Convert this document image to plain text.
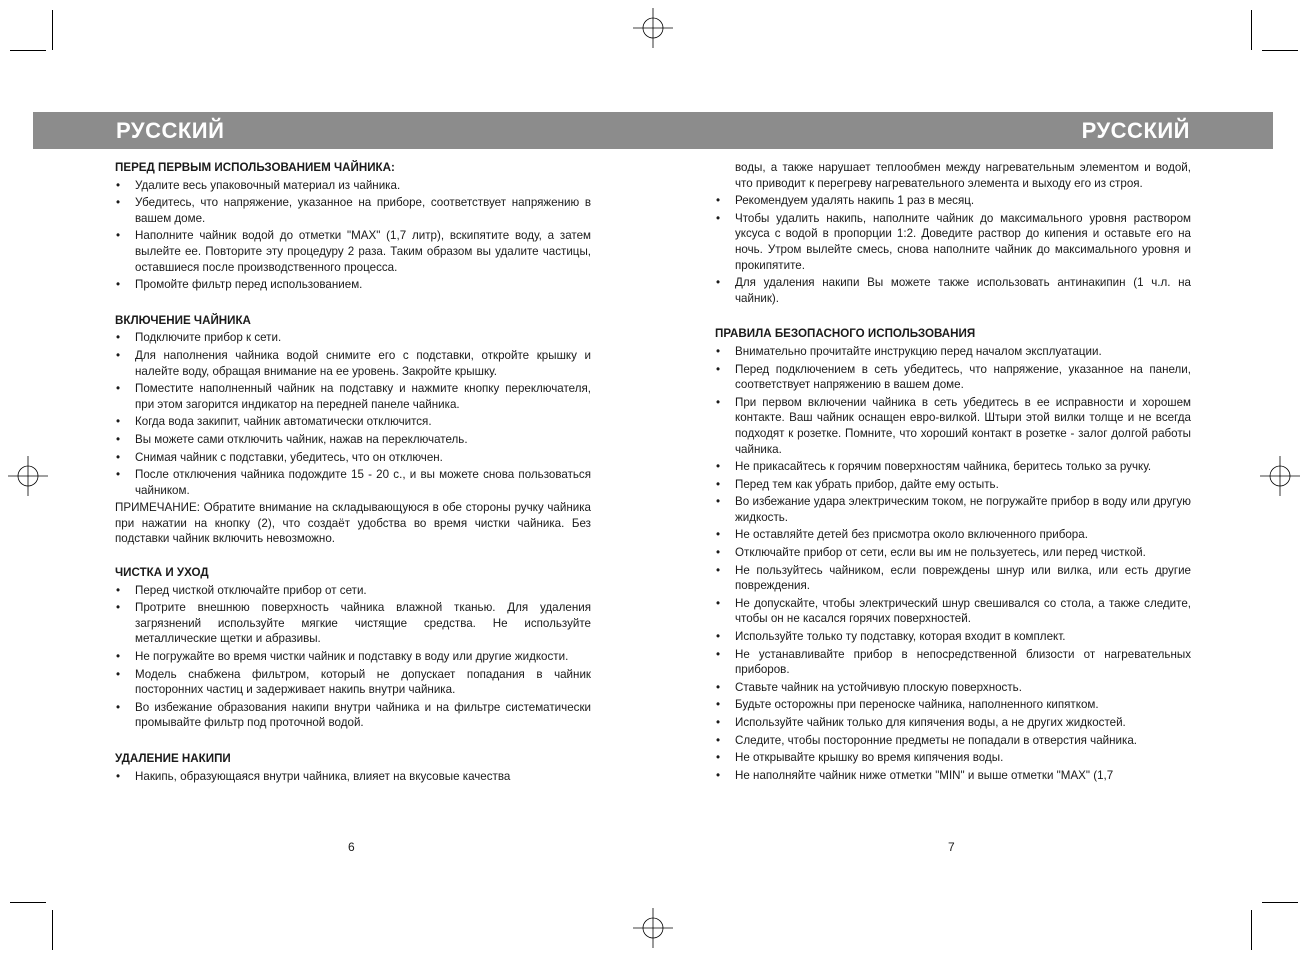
РУССКИЙ	РУССКИЙ
ПЕРЕД ПЕРВЫМ ИСПОЛЬЗОВАНИЕМ ЧАЙНИКА:
• Удалите весь упаковочный материал из чайника.
• Убедитесь, что напряжение, указанное на приборе, соответствует напряжению в вашем доме.
• Наполните чайник водой до отметки "МАХ" (1,7 литр), вскипятите воду, а затем вылейте ее. Повторите эту процедуру 2 раза. Таким образом вы удалите частицы, оставшиеся после производственного процесса.
• Промойте фильтр перед использованием.
ВКЛЮЧЕНИЕ ЧАЙНИКА
• Подключите прибор к сети.
• Для наполнения чайника водой снимите его с подставки, откройте крышку и налейте воду, обращая внимание на ее уровень. Закройте крышку.
• Поместите наполненный чайник на подставку и нажмите кнопку переключателя, при этом загорится индикатор на передней панеле чайника.
• Когда вода закипит, чайник автоматически отключится.
• Вы можете сами отключить чайник, нажав на переключатель.
• Снимая чайник с подставки, убедитесь, что он отключен.
• После отключения чайника подождите 15 - 20 с., и вы можете снова пользоваться чайником.

ПРИМЕЧАНИЕ: Обратите внимание на складывающуюся в обе стороны ручку чайника при нажатии на кнопку (2), что создаёт удобства во время чистки чайника. Без подставки чайник включить невозможно.

ЧИСТКА И УХОД
• Перед чисткой отключайте прибор от сети.
• Протрите внешнюю поверхность чайника влажной тканью. Для удаления загрязнений используйте мягкие чистящие средства. Не используйте металлические щетки и абразивы.
• Не погружайте во время чистки чайник и подставку в воду или другие жидкости.
• Модель снабжена фильтром, который не допускает попадания в чайник посторонних частиц и задерживает накипь внутри чайника.
• Во избежание образования накипи внутри чайника и на фильтре систематически промывайте фильтр под проточной водой.
УДАЛЕНИЕ НАКИПИ
• Накипь, образующаяся внутри чайника, влияет на вкусовые качества
6
воды, а также нарушает теплообмен между нагревательным элементом и водой, что приводит к перегреву нагревательного элемента и выходу его из строя.
• Рекомендуем удалять накипь 1 раз в месяц.
• Чтобы удалить накипь, наполните чайник до максимального уровня раствором уксуса с водой в пропорции 1:2. Доведите раствор до кипения и оставьте его на ночь. Утром вылейте смесь, снова наполните чайник до максимального уровня и прокипятите.
• Для удаления накипи Вы можете также использовать антинакипин (1 ч.л. на чайник).
ПРАВИЛА БЕЗОПАСНОГО ИСПОЛЬЗОВАНИЯ
• Внимательно прочитайте инструкцию перед началом эксплуатации.
• Перед подключением в сеть убедитесь, что напряжение, указанное на панели, соответствует напряжению в вашем доме.
• При первом включении чайника в сеть убедитесь в ее исправности и хорошем контакте. Ваш чайник оснащен евро-вилкой. Штыри этой вилки толще и не всегда подходят к розетке. Помните, что хороший контакт в розетке - залог долгой работы чайника.
• Не прикасайтесь к горячим поверхностям чайника, беритесь только за ручку.
• Перед тем как убрать прибор, дайте ему остыть.
• Во избежание удара электрическим током, не погружайте прибор в воду или другую жидкость.
• Не оставляйте детей без присмотра около включенного прибора.
• Отключайте прибор от сети, если вы им не пользуетесь, или перед чисткой.
• Не пользуйтесь чайником, если повреждены шнур или вилка, или есть другие повреждения.
• Не допускайте, чтобы электрический шнур свешивался со стола, а также следите, чтобы он не касался горячих поверхностей.
• Используйте только ту подставку, которая входит в комплект.
• Не устанавливайте прибор в непосредственной близости от нагревательных приборов.
• Ставьте чайник на устойчивую плоскую поверхность.
• Будьте осторожны при переноске чайника, наполненного кипятком.
• Используйте чайник только для кипячения воды, а не других жидкостей.
• Следите, чтобы посторонние предметы не попадали в отверстия чайника.
• Не открывайте крышку во время кипячения воды.
• Не наполняйте чайник ниже отметки "MIN" и выше отметки "МАХ" (1,7
7
